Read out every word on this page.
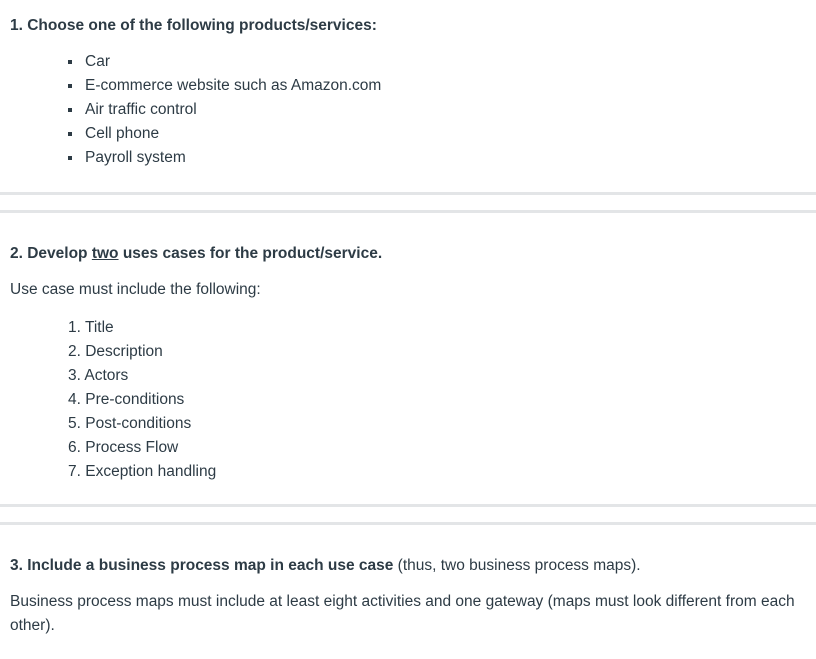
1. Choose one of the following products/services:

Car
E-commerce website such as Amazon.com
Air traffic control
Cell phone
Payroll system

2. Develop two uses cases for the product/service.

Use case must include the following:

1. Title
2. Description
3. Actors
4. Pre-conditions
5. Post-conditions
6. Process Flow
7. Exception handling

3. Include a business process map in each use case (thus, two business process maps).

Business process maps must include at least eight activities and one gateway (maps must look different from each other).
